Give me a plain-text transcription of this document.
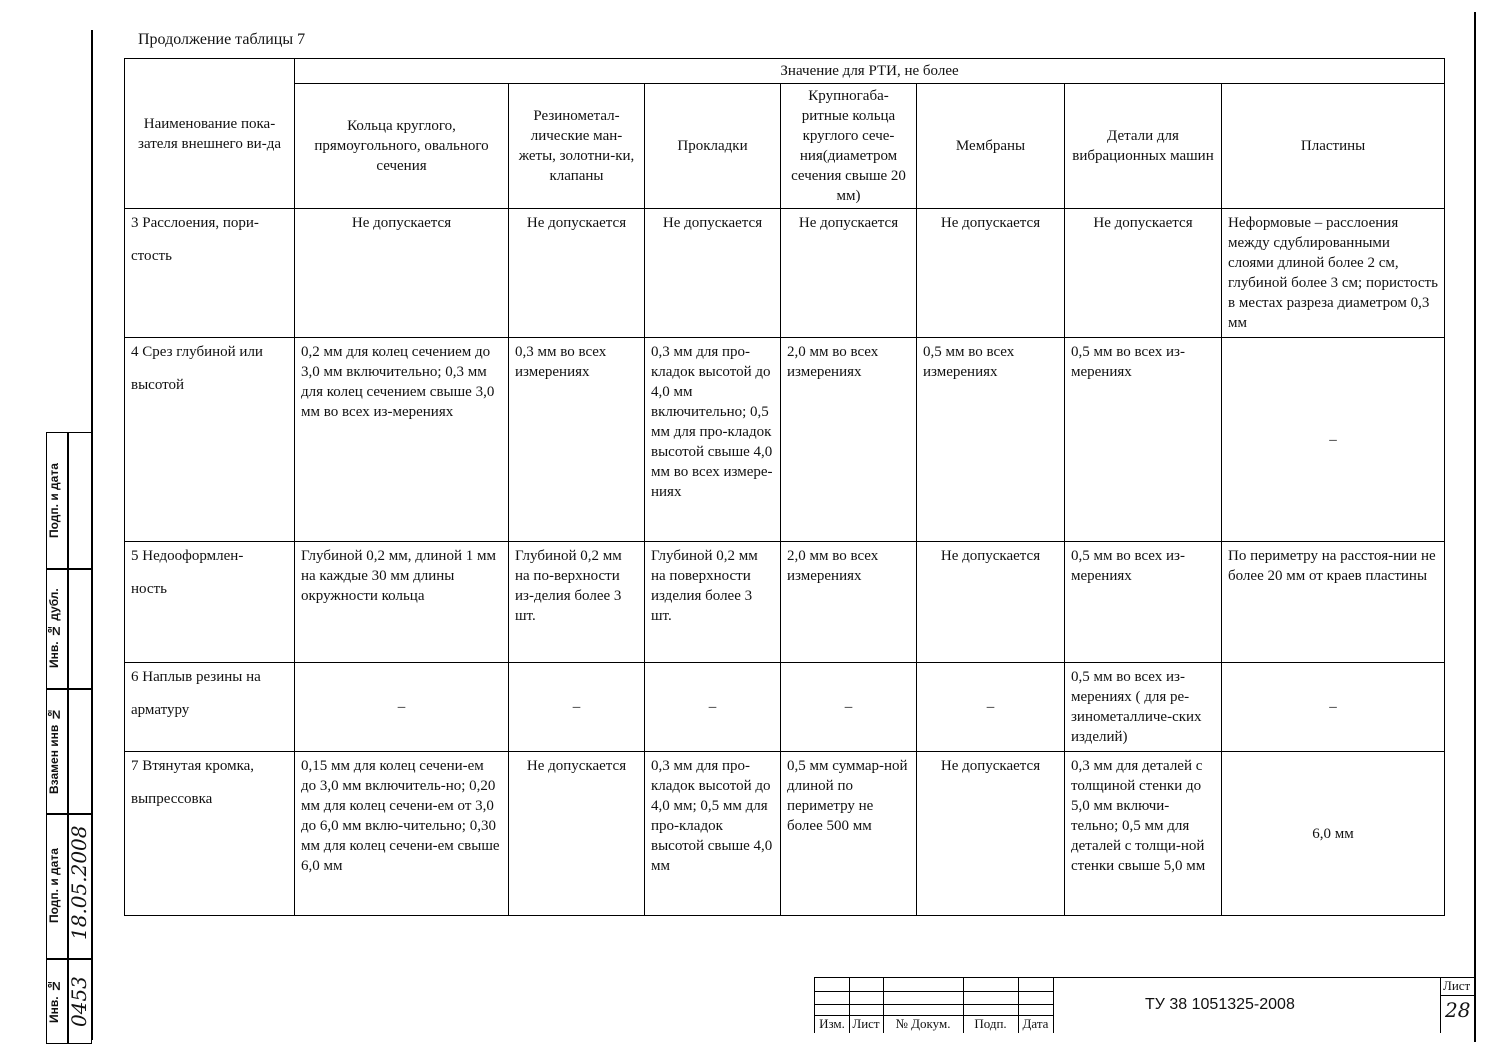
Продолжение таблицы 7
Наименование пока-зателя внешнего ви-да	Значение для РТИ, не более						
	Кольца круглого, прямоугольного, овального сечения	Резинометал-лические ман-жеты, золотни-ки, клапаны	Прокладки	Крупногаба-ритные кольца круглого сече-ния(диаметром сечения свыше 20 мм)	Мембраны	Детали для вибрационных машин	Пластины

3 Расслоения, пори-
стость	Не допускается	Не допускается	Не допускается	Не допускается	Не допускается	Не допускается	Неформовые – расслоения между сдублированными слоями длиной более 2 см, глубиной более 3 см; пористость в местах разреза диаметром 0,3 мм

4 Срез глубиной или
высотой	0,2 мм для колец сечением до 3,0 мм включительно; 0,3 мм для колец сечением свыше 3,0 мм во всех из-мерениях	0,3 мм во всех измерениях	0,3 мм для про-кладок высотой до 4,0 мм включительно; 0,5 мм для про-кладок высотой свыше 4,0 мм во всех измере-ниях	2,0 мм во всех измерениях	0,5 мм во всех измерениях	0,5 мм во всех из-мерениях	–

5 Недооформлен-
ность	Глубиной 0,2 мм, длиной 1 мм на каждые 30 мм длины окружности кольца	Глубиной 0,2 мм на по-верхности из-делия более 3 шт.	Глубиной 0,2 мм на поверхности изделия более 3 шт.	2,0 мм во всех измерениях	Не допускается	0,5 мм во всех из-мерениях	По периметру на расстоя-нии не более 20 мм от краев пластины

6 Наплыв резины на
арматуру	–	–	–	–	–	0,5 мм во всех из-мерениях ( для ре-зинометалличе-ских изделий)	–

7 Втянутая кромка,
выпрессовка	0,15 мм для колец сечени-ем до 3,0 мм включитель-но; 0,20 мм для колец сечени-ем от 3,0 до 6,0 мм вклю-чительно; 0,30 мм для колец сечени-ем свыше 6,0 мм	Не допускается	0,3 мм для про-кладок высотой до 4,0 мм; 0,5 мм для про-кладок высотой свыше 4,0 мм	0,5 мм суммар-ной длиной по периметру не более 500 мм	Не допускается	0,3 мм для деталей с толщиной стенки до 5,0 мм включи-тельно; 0,5 мм для деталей с толщи-ной стенки свыше 5,0 мм	6,0 мм
Подп. и дата
Инв. № дубл.
Взамен инв №
Подп. и дата
Инв. №
18.05.2008
0453	Изм. Лист	№ Докум.	Подп.	Дата
ТУ 38 1051325-2008
Лист
28
